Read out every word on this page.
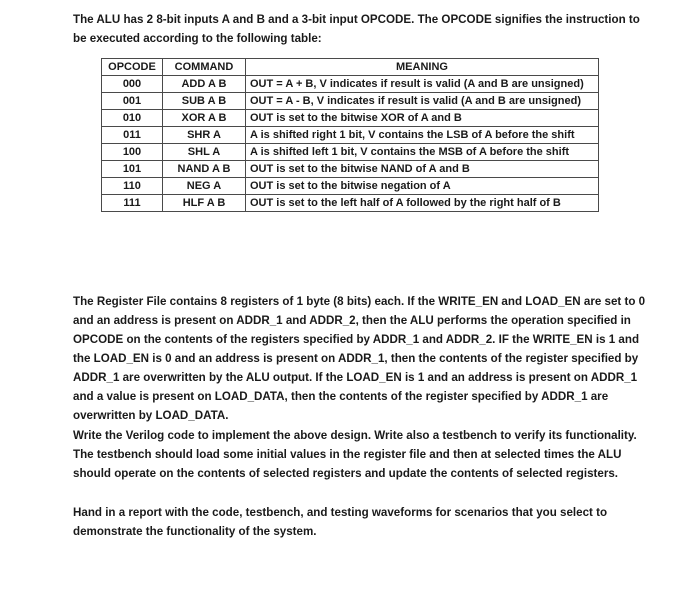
The ALU has 2 8-bit inputs A and B and a 3-bit input OPCODE. The OPCODE signifies the instruction to be executed according to the following table:

OPCODE	COMMAND	MEANING
000	ADD A B	OUT = A + B, V indicates if result is valid (A and B are unsigned)
001	SUB A B	OUT = A - B, V indicates if result is valid (A and B are unsigned)
010	XOR A B	OUT is set to the bitwise XOR of A and B
011	SHR A	A is shifted right 1 bit, V contains the LSB of A before the shift
100	SHL A	A is shifted left 1 bit, V contains the MSB of A before the shift
101	NAND A B	OUT is set to the bitwise NAND of A and B
110	NEG A	OUT is set to the bitwise negation of A
111	HLF A B	OUT is set to the left half of A followed by the right half of B

The Register File contains 8 registers of 1 byte (8 bits) each. If the WRITE_EN and LOAD_EN are set to 0 and an address is present on ADDR_1 and ADDR_2, then the ALU performs the operation specified in OPCODE on the contents of the registers specified by ADDR_1 and ADDR_2. IF the WRITE_EN is 1 and the LOAD_EN is 0 and an address is present on ADDR_1, then the contents of the register specified by ADDR_1 are overwritten by the ALU output. If the LOAD_EN is 1 and an address is present on ADDR_1 and a value is present on LOAD_DATA, then the contents of the register specified by ADDR_1 are overwritten by LOAD_DATA.

Write the Verilog code to implement the above design. Write also a testbench to verify its functionality. The testbench should load some initial values in the register file and then at selected times the ALU should operate on the contents of selected registers and update the contents of selected registers.

Hand in a report with the code, testbench, and testing waveforms for scenarios that you select to demonstrate the functionality of the system.
